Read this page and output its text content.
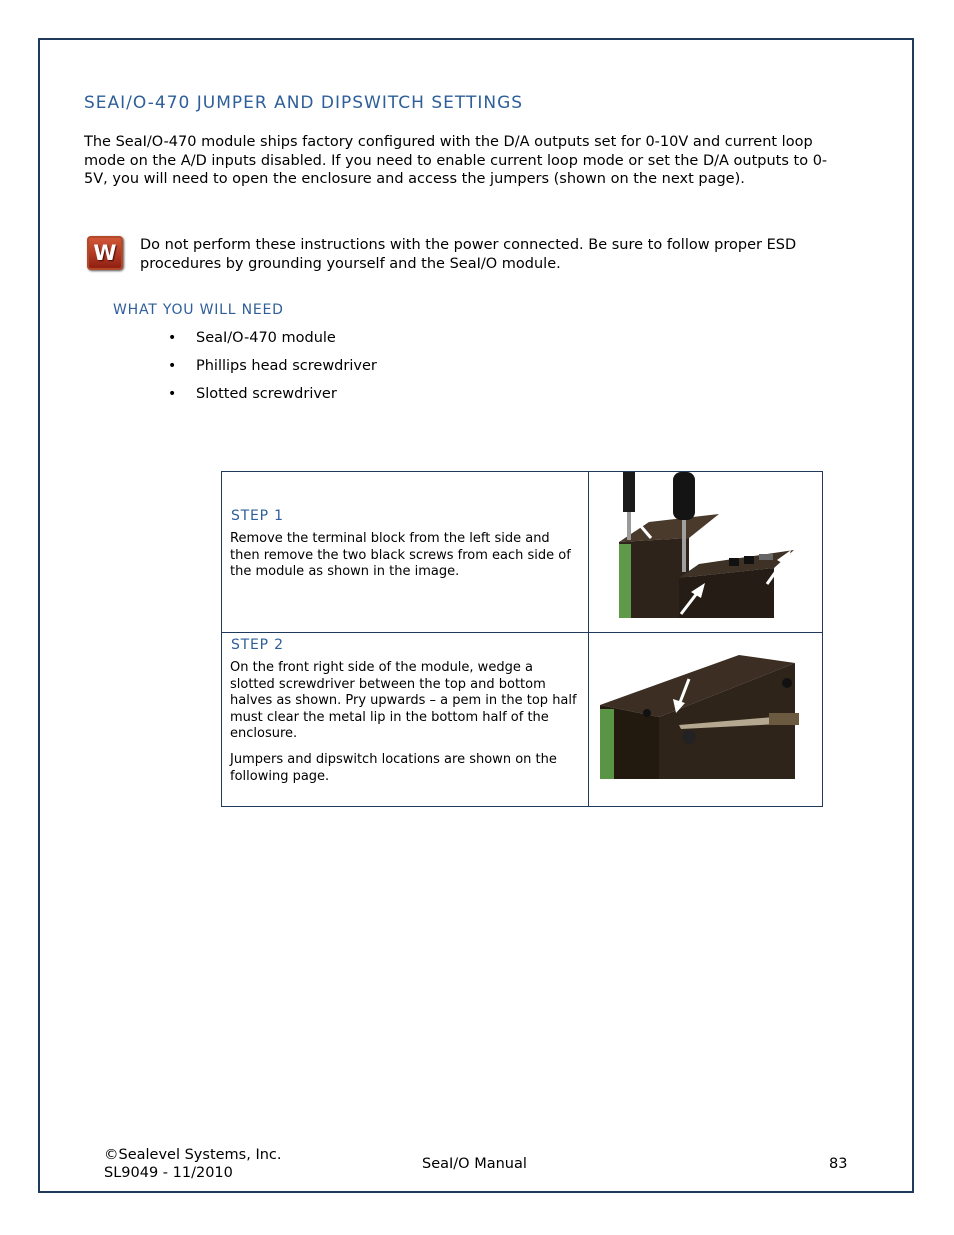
SEAI/O-470 JUMPER AND DIPSWITCH SETTINGS

The SeaI/O-470 module ships factory configured with the D/A outputs set for 0-10V and current loop mode on the A/D inputs disabled. If you need to enable current loop mode or set the D/A outputs to 0-5V, you will need to open the enclosure and access the jumpers (shown on the next page).

W Do not perform these instructions with the power connected. Be sure to follow proper ESD procedures by grounding yourself and the SeaI/O module.

WHAT YOU WILL NEED
•	SeaI/O-470 module
•	Phillips head screwdriver
•	Slotted screwdriver
STEP 1

Remove the terminal block from the left side and then remove the two black screws from each side of the module as shown in the image.

STEP 2

On the front right side of the module, wedge a slotted screwdriver between the top and bottom halves as shown. Pry upwards – a pem in the top half must clear the metal lip in the bottom half of the enclosure.

Jumpers and dipswitch locations are shown on the following page.

©Sealevel Systems, Inc.
SL9049 - 11/2010
SeaI/O Manual	83
